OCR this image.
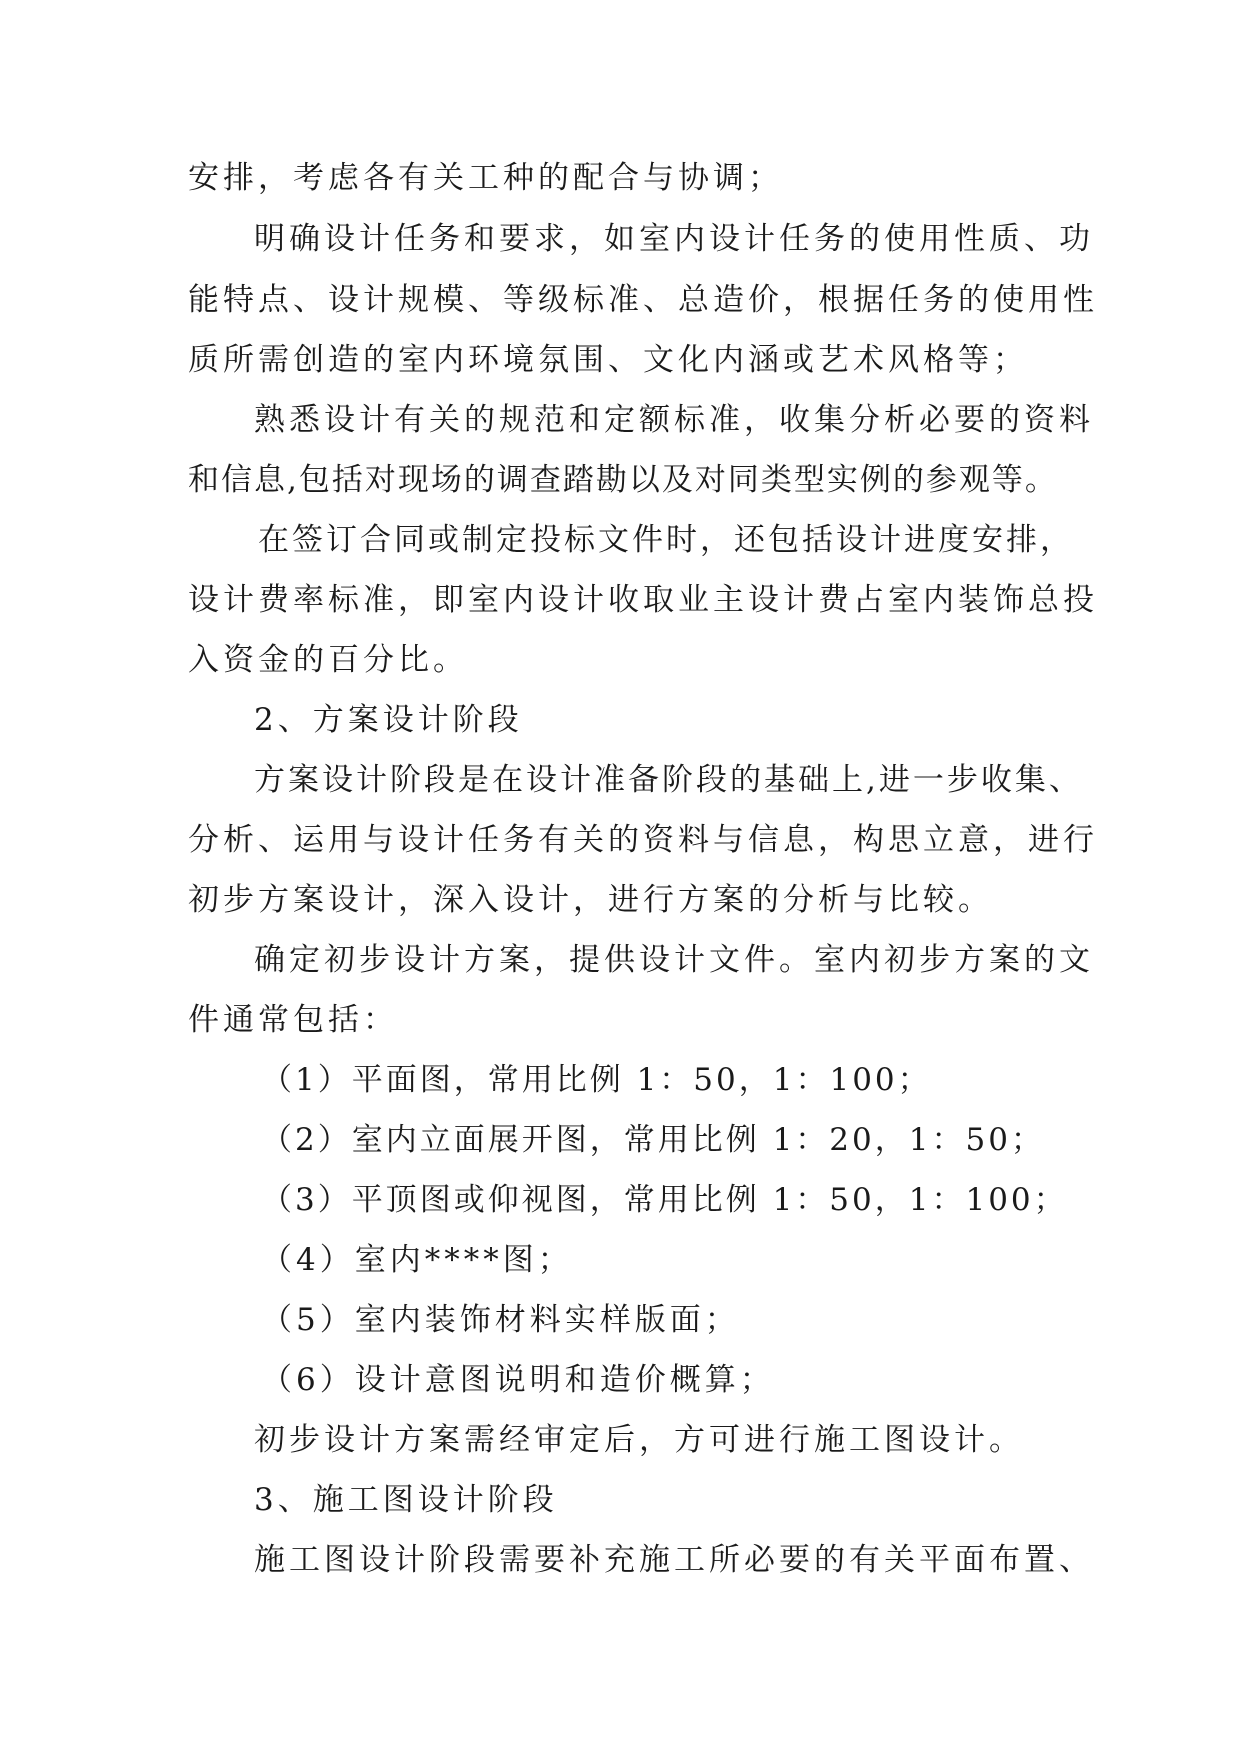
安排，考虑各有关工种的配合与协调；
明确设计任务和要求，如室内设计任务的使用性质、功
能特点、设计规模、等级标准、总造价，根据任务的使用性
质所需创造的室内环境氛围、文化内涵或艺术风格等；
熟悉设计有关的规范和定额标准，收集分析必要的资料
和信息,包括对现场的调查踏勘以及对同类型实例的参观等。
在签订合同或制定投标文件时，还包括设计进度安排，
设计费率标准，即室内设计收取业主设计费占室内装饰总投
入资金的百分比。
2、方案设计阶段
方案设计阶段是在设计准备阶段的基础上,进一步收集、
分析、运用与设计任务有关的资料与信息，构思立意，进行
初步方案设计，深入设计，进行方案的分析与比较。
确定初步设计方案，提供设计文件。室内初步方案的文
件通常包括：
（1）平面图，常用比例 1：50，1：100；
（2）室内立面展开图，常用比例 1：20，1：50；
（3）平顶图或仰视图，常用比例 1：50，1：100；
（4）室内****图；
（5）室内装饰材料实样版面；
（6）设计意图说明和造价概算；
初步设计方案需经审定后，方可进行施工图设计。
3、施工图设计阶段
施工图设计阶段需要补充施工所必要的有关平面布置、
